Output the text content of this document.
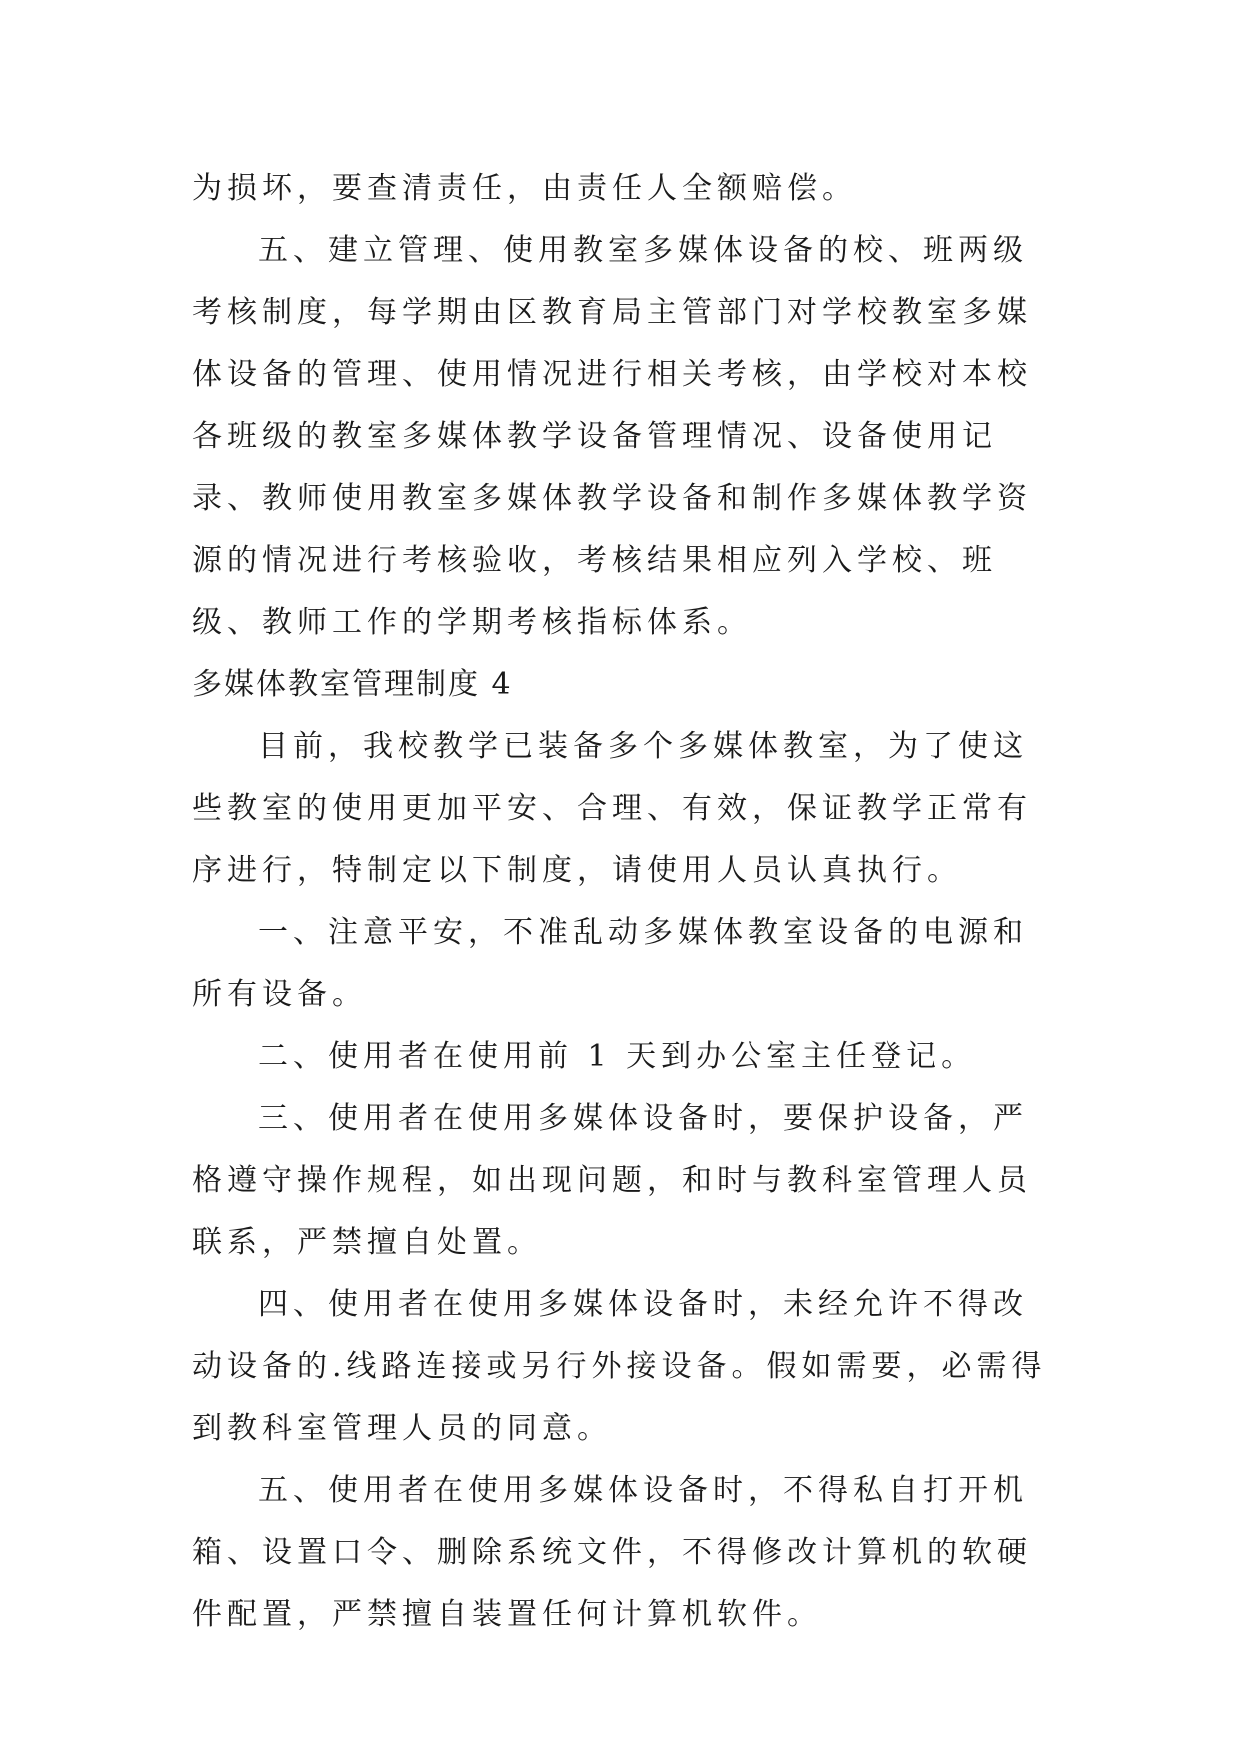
为损坏，要查清责任，由责任人全额赔偿。

五、建立管理、使用教室多媒体设备的校、班两级考核制度，每学期由区教育局主管部门对学校教室多媒体设备的管理、使用情况进行相关考核，由学校对本校各班级的教室多媒体教学设备管理情况、设备使用记录、教师使用教室多媒体教学设备和制作多媒体教学资源的情况进行考核验收，考核结果相应列入学校、班级、教师工作的学期考核指标体系。

多媒体教室管理制度 4

目前，我校教学已装备多个多媒体教室，为了使这些教室的使用更加平安、合理、有效，保证教学正常有序进行，特制定以下制度，请使用人员认真执行。

一、注意平安，不准乱动多媒体教室设备的电源和所有设备。

二、使用者在使用前 1 天到办公室主任登记。

三、使用者在使用多媒体设备时，要保护设备，严格遵守操作规程，如出现问题，和时与教科室管理人员联系，严禁擅自处置。

四、使用者在使用多媒体设备时，未经允许不得改动设备的.线路连接或另行外接设备。假如需要，必需得到教科室管理人员的同意。

五、使用者在使用多媒体设备时，不得私自打开机箱、设置口令、删除系统文件，不得修改计算机的软硬件配置，严禁擅自装置任何计算机软件。
